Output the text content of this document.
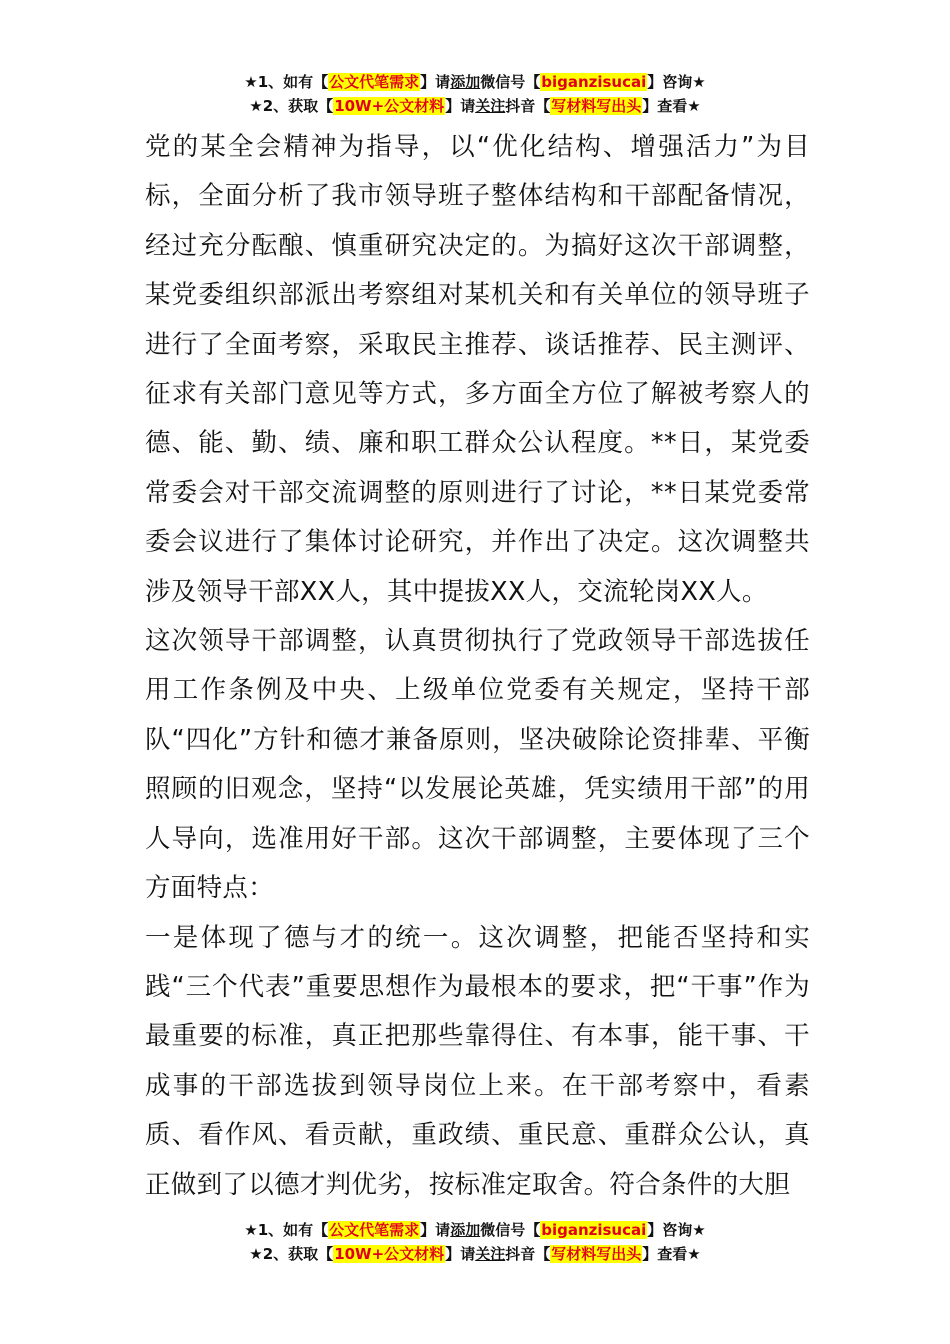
★1、如有【公文代笔需求】请添加微信号【biganzisucai】咨询★
★2、获取【10W+公文材料】请关注抖音【写材料写出头】查看★

党的某全会精神为指导，以“优化结构、增强活力”为目标，全面分析了我市领导班子整体结构和干部配备情况，经过充分酝酿、慎重研究决定的。为搞好这次干部调整，某党委组织部派出考察组对某机关和有关单位的领导班子进行了全面考察，采取民主推荐、谈话推荐、民主测评、征求有关部门意见等方式，多方面全方位了解被考察人的德、能、勤、绩、廉和职工群众公认程度。**日，某党委常委会对干部交流调整的原则进行了讨论，**日某党委常委会议进行了集体讨论研究，并作出了决定。这次调整共涉及领导干部XX人，其中提拔XX人，交流轮岗XX人。

这次领导干部调整，认真贯彻执行了党政领导干部选拔任用工作条例及中央、上级单位党委有关规定，坚持干部队“四化”方针和德才兼备原则，坚决破除论资排辈、平衡照顾的旧观念，坚持“以发展论英雄，凭实绩用干部”的用人导向，选准用好干部。这次干部调整，主要体现了三个方面特点：

一是体现了德与才的统一。这次调整，把能否坚持和实践“三个代表”重要思想作为最根本的要求，把“干事”作为最重要的标准，真正把那些靠得住、有本事，能干事、干成事的干部选拔到领导岗位上来。在干部考察中，看素质、看作风、看贡献，重政绩、重民意、重群众公认，真正做到了以德才判优劣，按标准定取舍。符合条件的大胆

★1、如有【公文代笔需求】请添加微信号【biganzisucai】咨询★
★2、获取【10W+公文材料】请关注抖音【写材料写出头】查看★
